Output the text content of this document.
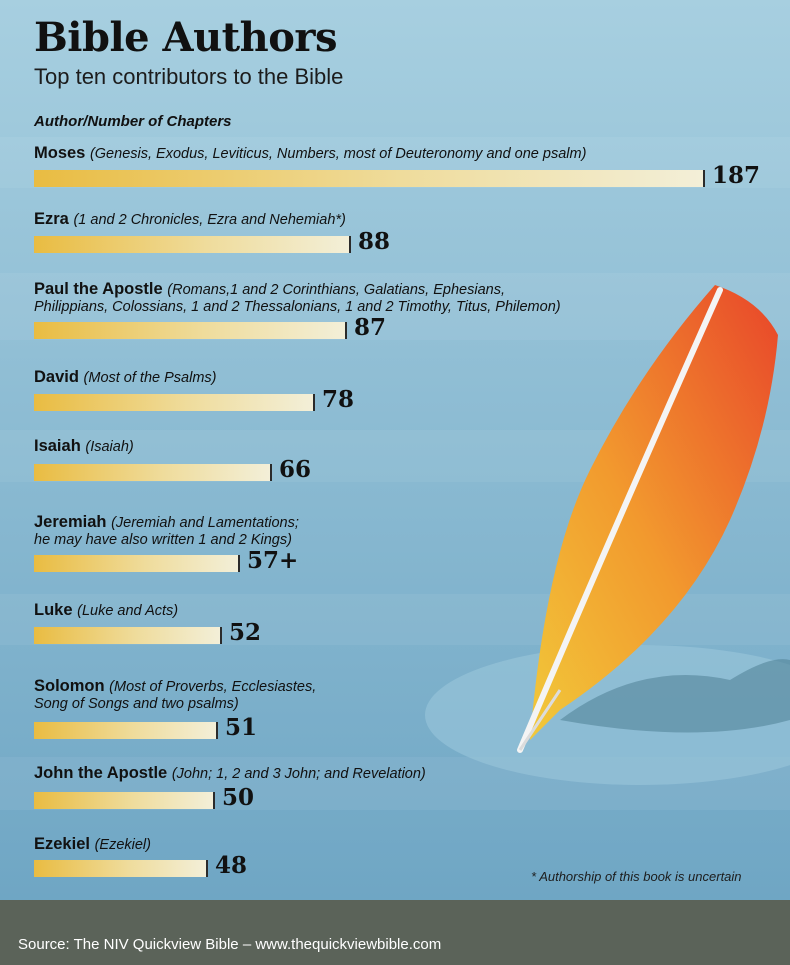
Bible Authors
Top ten contributors to the Bible
Author/Number of Chapters
Moses (Genesis, Exodus, Leviticus, Numbers, most of Deuteronomy and one psalm)
187
Ezra (1 and 2 Chronicles, Ezra and Nehemiah*)
88
Paul the Apostle (Romans,1 and 2 Corinthians, Galatians, Ephesians,
Philippians, Colossians, 1 and 2 Thessalonians, 1 and 2 Timothy, Titus, Philemon)
87
David (Most of the Psalms)
78
Isaiah (Isaiah)
66
Jeremiah (Jeremiah and Lamentations;
he may have also written 1 and 2 Kings)
57+
Luke (Luke and Acts)
52
Solomon (Most of Proverbs, Ecclesiastes,
Song of Songs and two psalms)
51
John the Apostle (John; 1, 2 and 3 John; and Revelation)
50
Ezekiel (Ezekiel)
48	* Authorship of this book is uncertain
Source: The NIV Quickview Bible – www.thequickviewbible.com
